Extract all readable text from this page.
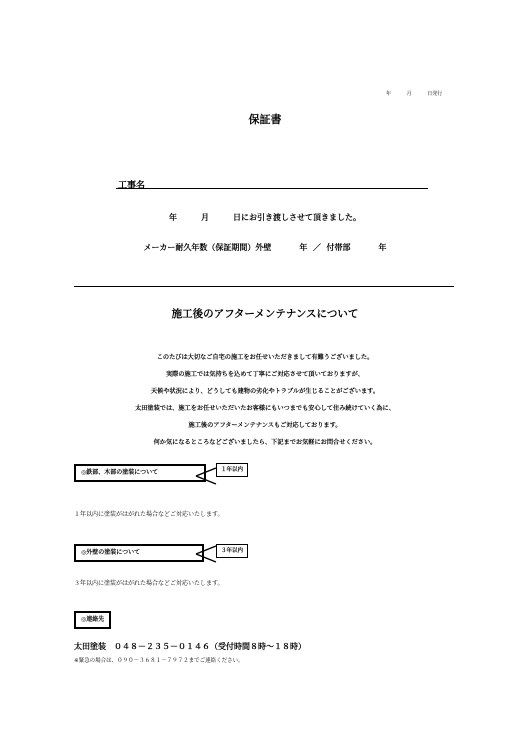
年	月	日発行
保証書
工事名
年	月	日にお引き渡しさせて頂きました。
メーカー耐久年数（保証期間）外壁	年 ／ 付帯部	年
施工後のアフターメンテナンスについて
このたびは大切なご自宅の施工をお任せいただきまして有難うございました。
実際の施工では気持ちを込めて丁寧にご対応させて頂いておりますが、
天候や状況により、どうしても建物の劣化やトラブルが生じることがございます。
太田塗装では、施工をお任せいただいたお客様にもいつまでも安心して住み続けていく為に、
施工後のアフターメンテナンスもご対応しております。
何か気になるところなどございましたら、下記までお気軽にお問合せください。
◎鉄部、木部の塗装について	１年以内
１年以内に塗装がはがれた場合などご対応いたします。
◎外壁の塗装について	３年以内
３年以内に塗装がはがれた場合などご対応いたします。
◎連絡先
太田塗装　０４８－２３５－０１４６（受付時間８時～１８時）
※緊急の場合は、０９０－３６８１－７９７２までご連絡ください。
